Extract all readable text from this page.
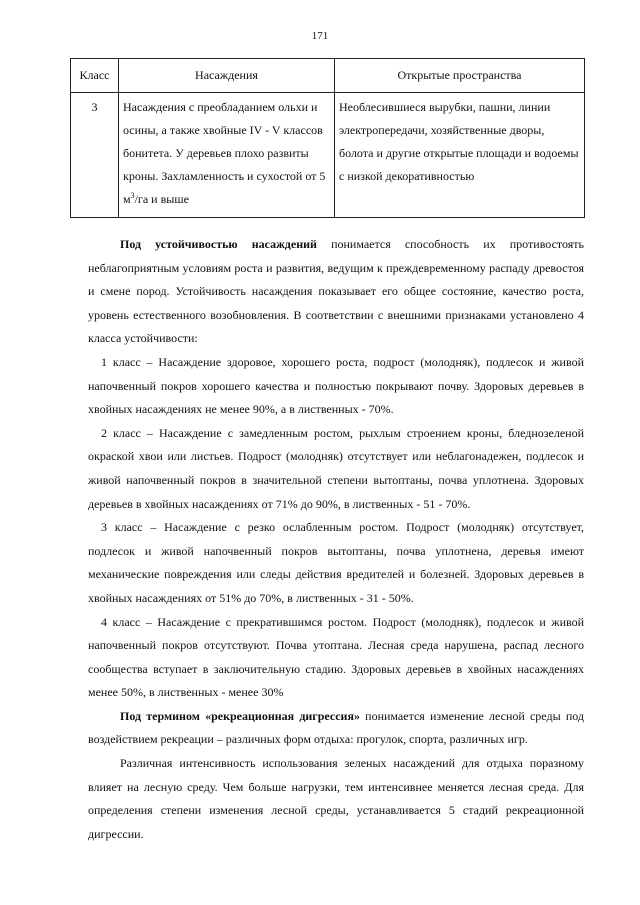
171
Класс	Насаждения	Открытые пространства
3	Насаждения с преобладанием ольхи и осины, а также хвойные IV - V классов бонитета. У деревьев плохо развиты кроны. Захламленность и сухостой от 5 $м^3/га$ и выше	Необлесившиеся вырубки, пашни, линии электропередачи, хозяйственные дворы, болота и другие открытые площади и водоемы с низкой декоративностью

Под устойчивостью насаждений понимается способность их противостоять неблагоприятным условиям роста и развития, ведущим к преждевременному распаду древостоя и смене пород. Устойчивость насаждения показывает его общее состояние, качество роста, уровень естественного возобновления. В соответствии с внешними признаками установлено 4 класса устойчивости:

1 класс – Насаждение здоровое, хорошего роста, подрост (молодняк), подлесок и живой напочвенный покров хорошего качества и полностью покрывают почву. Здоровых деревьев в хвойных насаждениях не менее 90%, а в лиственных - 70%.

2 класс – Насаждение с замедленным ростом, рыхлым строением кроны, бледнозеленой окраской хвои или листьев. Подрост (молодняк) отсутствует или неблагонадежен, подлесок и живой напочвенный покров в значительной степени вытоптаны, почва уплотнена. Здоровых деревьев в хвойных насаждениях от 71% до 90%, в лиственных - 51 - 70%.

3 класс – Насаждение с резко ослабленным ростом. Подрост (молодняк) отсутствует, подлесок и живой напочвенный покров вытоптаны, почва уплотнена, деревья имеют механические повреждения или следы действия вредителей и болезней. Здоровых деревьев в хвойных насаждениях от 51% до 70%, в лиственных - 31 - 50%.

4 класс – Насаждение с прекратившимся ростом. Подрост (молодняк), подлесок и живой напочвенный покров отсутствуют. Почва утоптана. Лесная среда нарушена, распад лесного сообщества вступает в заключительную стадию. Здоровых деревьев в хвойных насаждениях менее 50%, в лиственных - менее 30%

Под термином «рекреационная дигрессия» понимается изменение лесной среды под воздействием рекреации – различных форм отдыха: прогулок, спорта, различных игр.

Различная интенсивность использования зеленых насаждений для отдыха поразному влияет на лесную среду. Чем больше нагрузки, тем интенсивнее меняется лесная среда. Для определения степени изменения лесной среды, устанавливается 5 стадий рекреационной дигрессии.
